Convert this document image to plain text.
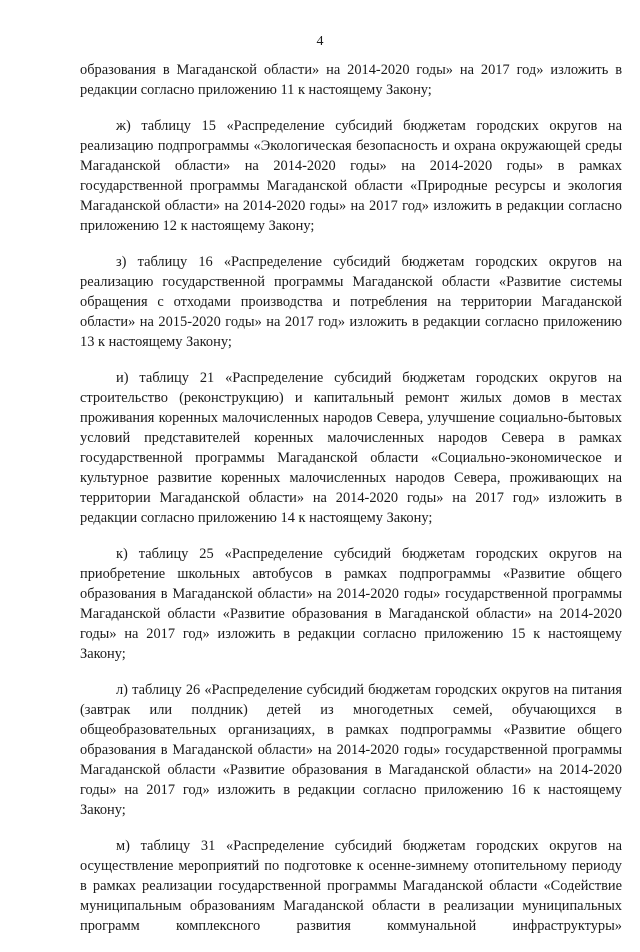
4

образования в Магаданской области» на 2014-2020 годы» на 2017 год» изложить в редакции согласно приложению 11 к настоящему Закону;

ж) таблицу 15 «Распределение субсидий бюджетам городских округов на реализацию подпрограммы «Экологическая безопасность и охрана окружающей среды Магаданской области» на 2014-2020 годы» на 2014-2020 годы» в рамках государственной программы Магаданской области «Природные ресурсы и экология Магаданской области» на 2014-2020 годы» на 2017 год» изложить в редакции согласно приложению 12 к настоящему Закону;

з) таблицу 16 «Распределение субсидий бюджетам городских округов на реализацию государственной программы Магаданской области «Развитие системы обращения с отходами производства и потребления на территории Магаданской области» на 2015-2020 годы» на 2017 год» изложить в редакции согласно приложению 13 к настоящему Закону;

и) таблицу 21 «Распределение субсидий бюджетам городских округов на строительство (реконструкцию) и капитальный ремонт жилых домов в местах проживания коренных малочисленных народов Севера, улучшение социально-бытовых условий представителей коренных малочисленных народов Севера в рамках государственной программы Магаданской области «Социально-экономическое и культурное развитие коренных малочисленных народов Севера, проживающих на территории Магаданской области» на 2014-2020 годы» на 2017 год» изложить в редакции согласно приложению 14 к настоящему Закону;

к) таблицу 25 «Распределение субсидий бюджетам городских округов на приобретение школьных автобусов в рамках подпрограммы «Развитие общего образования в Магаданской области» на 2014-2020 годы» государственной программы Магаданской области «Развитие образования в Магаданской области» на 2014-2020 годы» на 2017 год» изложить в редакции согласно приложению 15 к настоящему Закону;

л) таблицу 26 «Распределение субсидий бюджетам городских округов на питания (завтрак или полдник) детей из многодетных семей, обучающихся в общеобразовательных организациях, в рамках подпрограммы «Развитие общего образования в Магаданской области» на 2014-2020 годы» государственной программы Магаданской области «Развитие образования в Магаданской области» на 2014-2020 годы» на 2017 год» изложить в редакции согласно приложению 16 к настоящему Закону;

м) таблицу 31 «Распределение субсидий бюджетам городских округов на осуществление мероприятий по подготовке к осенне-зимнему отопительному периоду в рамках реализации государственной программы Магаданской области «Содействие муниципальным образованиям Магаданской области в реализации муниципальных программ комплексного развития коммунальной инфраструктуры»
